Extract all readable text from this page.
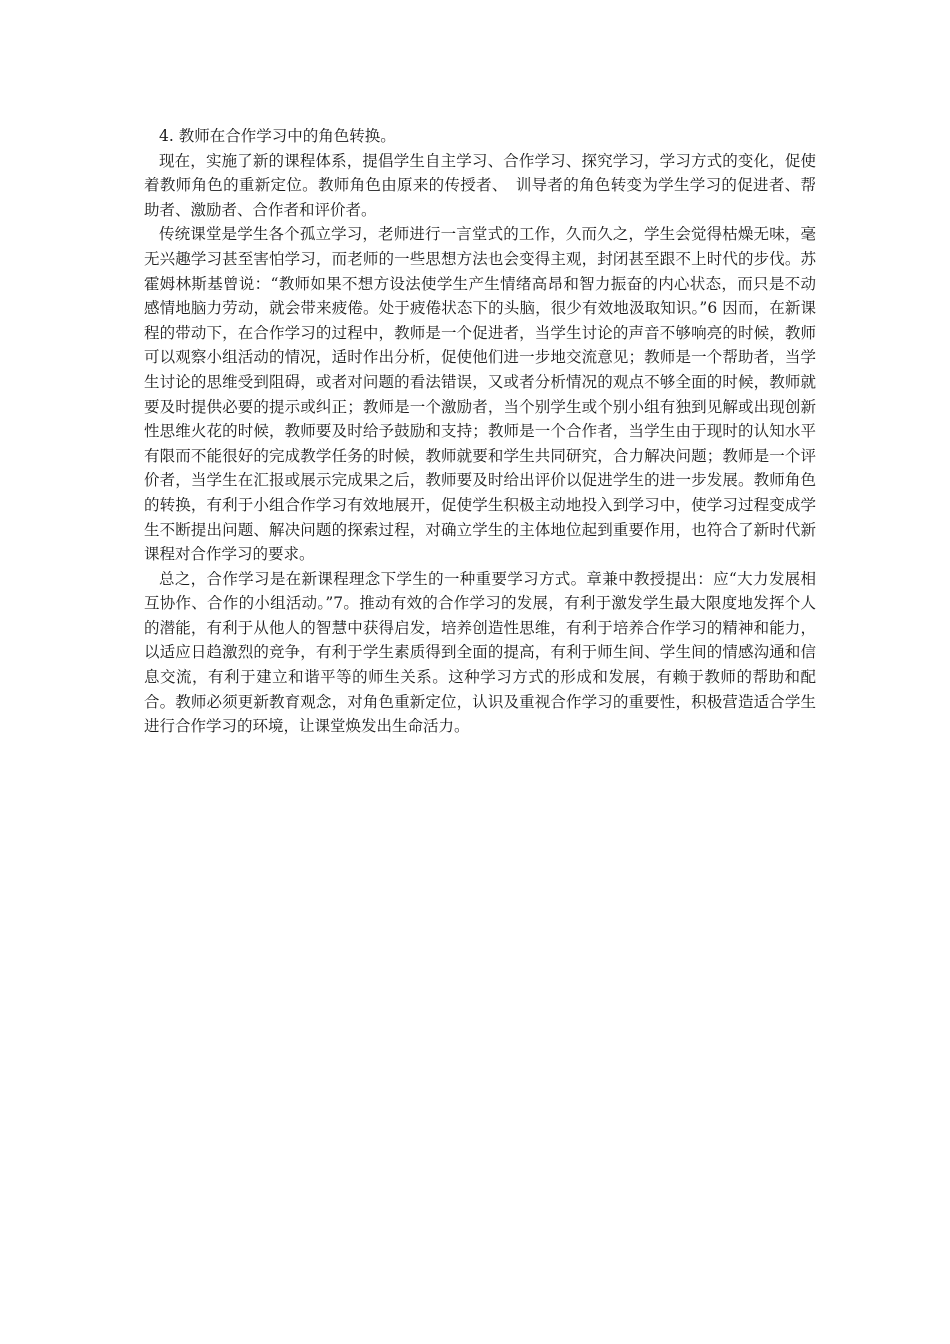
4. 教师在合作学习中的角色转换。

现在，实施了新的课程体系，提倡学生自主学习、合作学习、探究学习，学习方式的变化，促使着教师角色的重新定位。教师角色由原来的传授者、　训导者的角色转变为学生学习的促进者、帮助者、激励者、合作者和评价者。

传统课堂是学生各个孤立学习，老师进行一言堂式的工作，久而久之，学生会觉得枯燥无味，毫无兴趣学习甚至害怕学习，而老师的一些思想方法也会变得主观，封闭甚至跟不上时代的步伐。苏霍姆林斯基曾说：“教师如果不想方设法使学生产生情绪高昂和智力振奋的内心状态，而只是不动感情地脑力劳动，就会带来疲倦。处于疲倦状态下的头脑，很少有效地汲取知识。”6 因而，在新课程的带动下，在合作学习的过程中，教师是一个促进者，当学生讨论的声音不够响亮的时候，教师可以观察小组活动的情况，适时作出分析，促使他们进一步地交流意见；教师是一个帮助者，当学生讨论的思维受到阻碍，或者对问题的看法错误，又或者分析情况的观点不够全面的时候，教师就要及时提供必要的提示或纠正；教师是一个激励者，当个别学生或个别小组有独到见解或出现创新性思维火花的时候，教师要及时给予鼓励和支持；教师是一个合作者，当学生由于现时的认知水平有限而不能很好的完成教学任务的时候，教师就要和学生共同研究，合力解决问题；教师是一个评价者，当学生在汇报或展示完成果之后，教师要及时给出评价以促进学生的进一步发展。教师角色的转换，有利于小组合作学习有效地展开，促使学生积极主动地投入到学习中，使学习过程变成学生不断提出问题、解决问题的探索过程，对确立学生的主体地位起到重要作用，也符合了新时代新课程对合作学习的要求。

总之，合作学习是在新课程理念下学生的一种重要学习方式。章兼中教授提出：应“大力发展相互协作、合作的小组活动。”7。推动有效的合作学习的发展，有利于激发学生最大限度地发挥个人的潜能，有利于从他人的智慧中获得启发，培养创造性思维，有利于培养合作学习的精神和能力，以适应日趋激烈的竞争，有利于学生素质得到全面的提高，有利于师生间、学生间的情感沟通和信息交流，有利于建立和谐平等的师生关系。这种学习方式的形成和发展，有赖于教师的帮助和配合。教师必须更新教育观念，对角色重新定位，认识及重视合作学习的重要性，积极营造适合学生进行合作学习的环境，让课堂焕发出生命活力。
